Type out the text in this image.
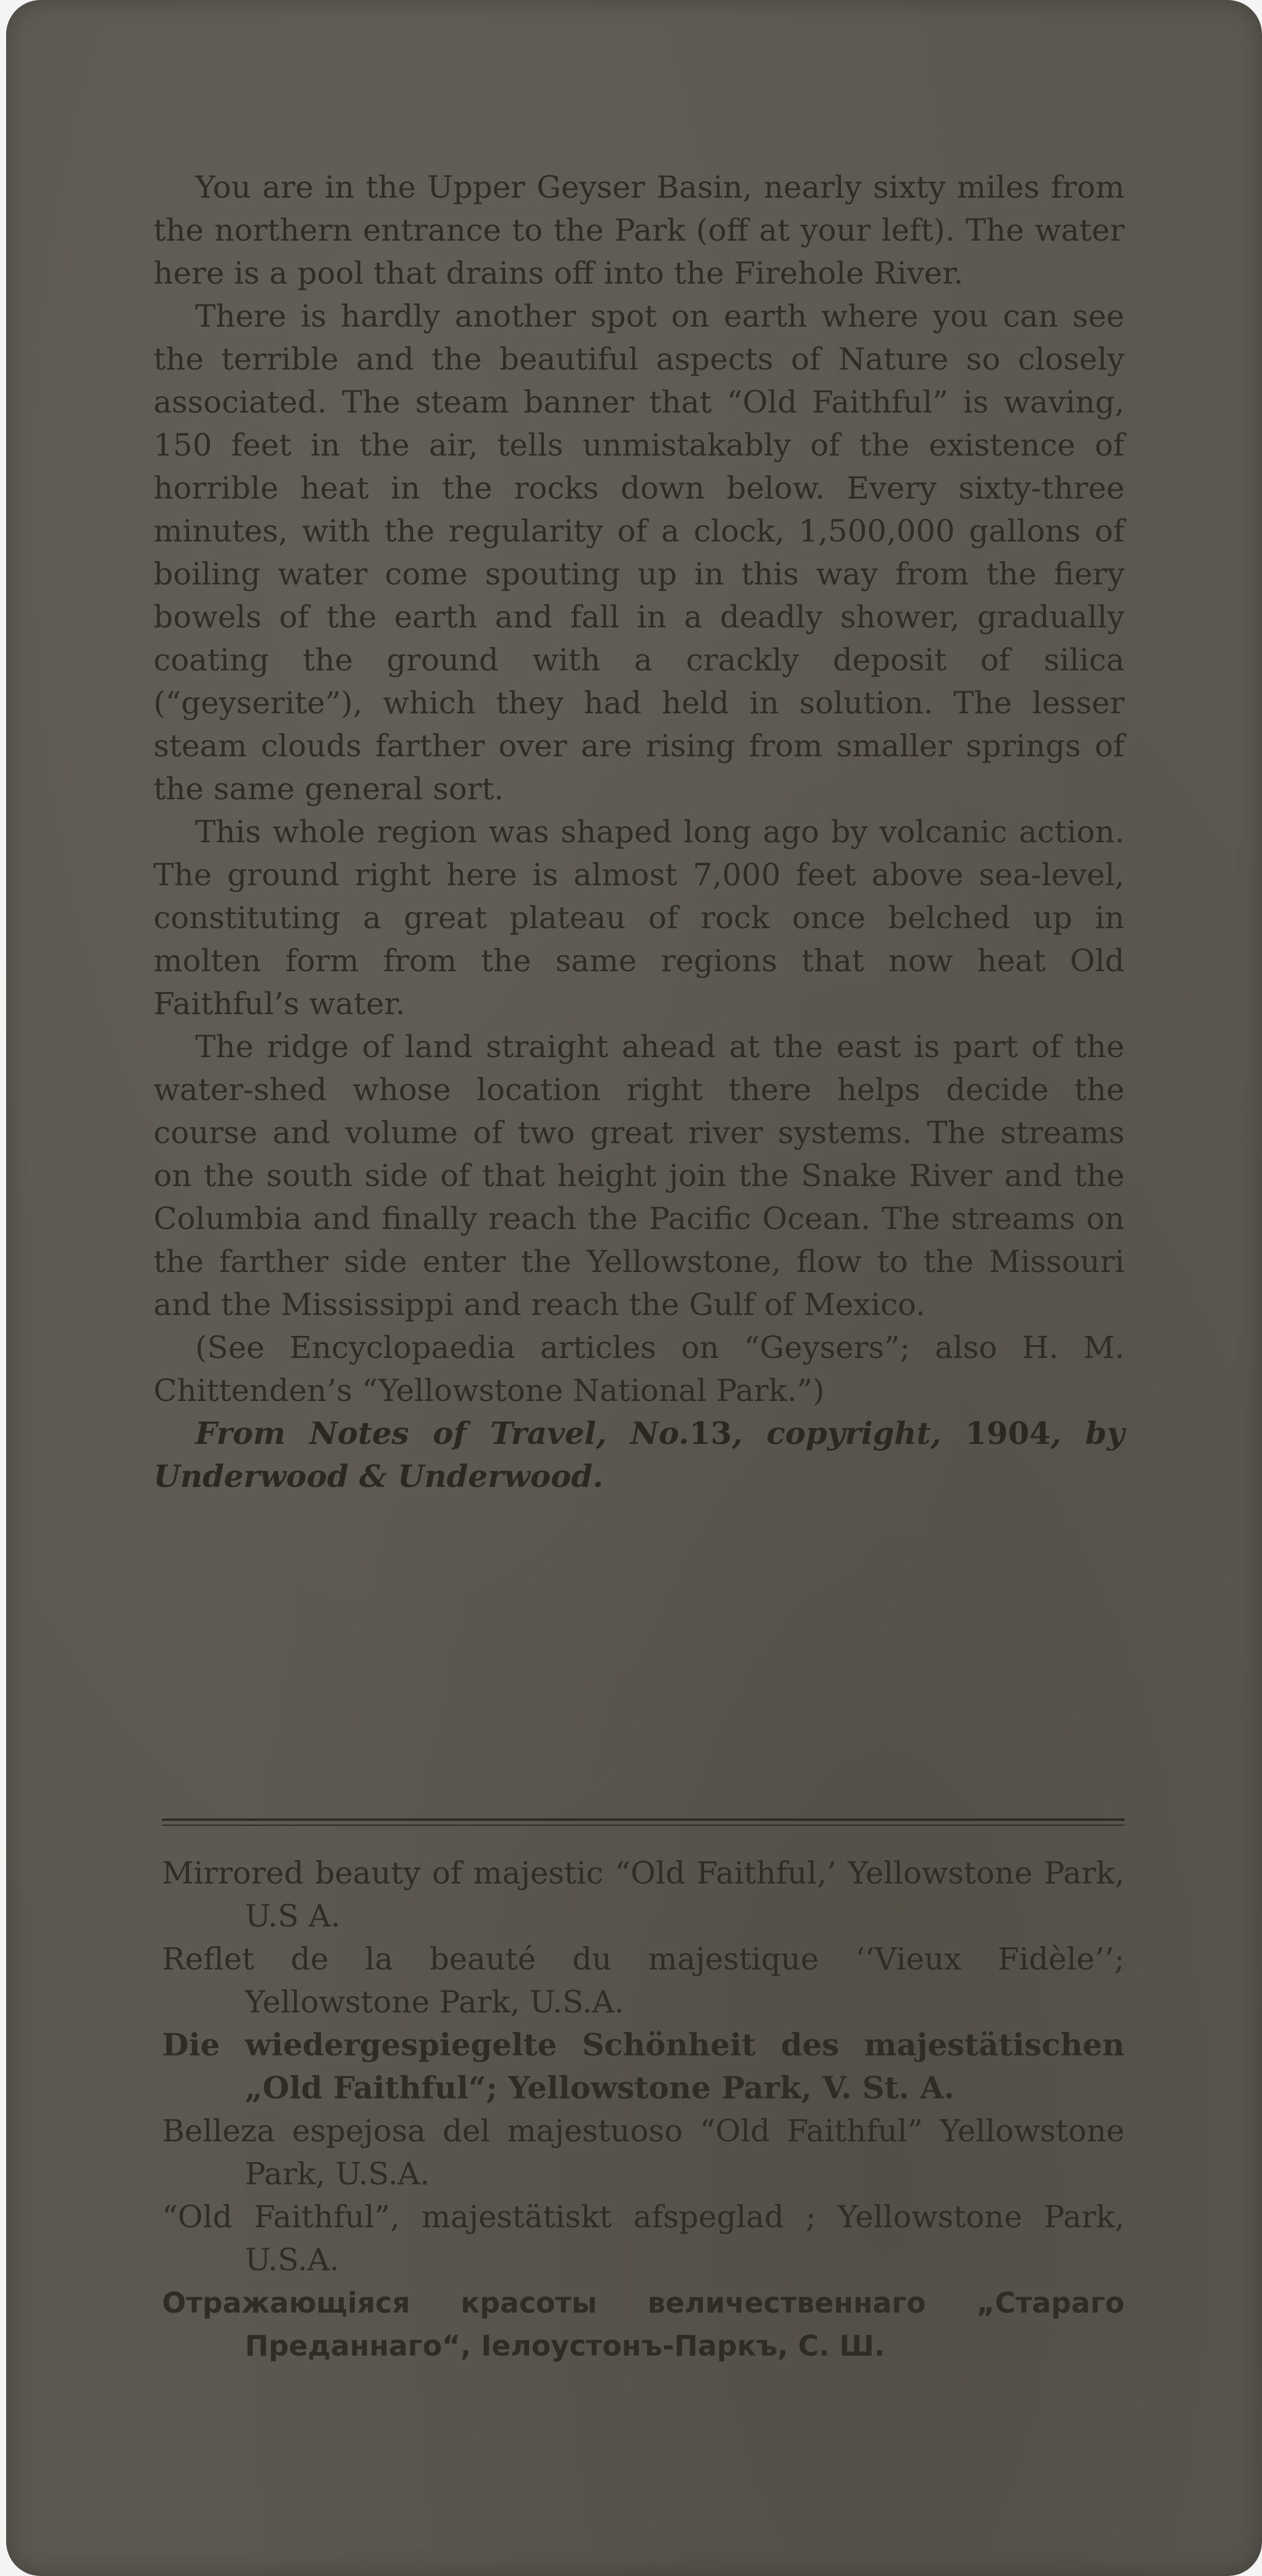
You are in the Upper Geyser Basin, nearly sixty miles from the northern entrance to the Park (off at your left). The water here is a pool that drains off into the Firehole River.

There is hardly another spot on earth where you can see the terrible and the beautiful aspects of Nature so closely associated. The steam banner that “Old Faithful” is waving, 150 feet in the air, tells unmistakably of the existence of horrible heat in the rocks down below. Every sixty-three minutes, with the regularity of a clock, 1,500,000 gallons of boiling water come spouting up in this way from the fiery bowels of the earth and fall in a deadly shower, gradually coating the ground with a crackly deposit of silica (“geyserite”), which they had held in solution. The lesser steam clouds farther over are rising from smaller springs of the same general sort.

This whole region was shaped long ago by volcanic action. The ground right here is almost 7,000 feet above sea-level, constituting a great plateau of rock once belched up in molten form from the same regions that now heat Old Faithful’s water.

The ridge of land straight ahead at the east is part of the water-shed whose location right there helps decide the course and volume of two great river systems. The streams on the south side of that height join the Snake River and the Columbia and finally reach the Pacific Ocean. The streams on the farther side enter the Yellowstone, flow to the Missouri and the Mississippi and reach the Gulf of Mexico.

(See Encyclopaedia articles on “Geysers”; also H. M. Chittenden’s “Yellowstone National Park.”)

From Notes of Travel, No.13, copyright, 1904, by Underwood & Underwood.

Mirrored beauty of majestic “Old Faithful,’ Yellowstone Park, U.S A.

Reflet de la beauté du majestique ‘‘Vieux Fidèle’’; Yellowstone Park, U.S.A.

Die wiedergespiegelte Schönheit des majestätischen „Old Faithful“; Yellowstone Park, V. St. A.

Belleza espejosa del majestuoso “Old Faithful” Yellowstone Park, U.S.A.

“Old Faithful”, majestätiskt afspeglad ; Yellowstone Park, U.S.A.

Отражающіяся красоты величественнаго „Стараго Преданнаго“, Іелоустонъ-Паркъ, С. Ш.
